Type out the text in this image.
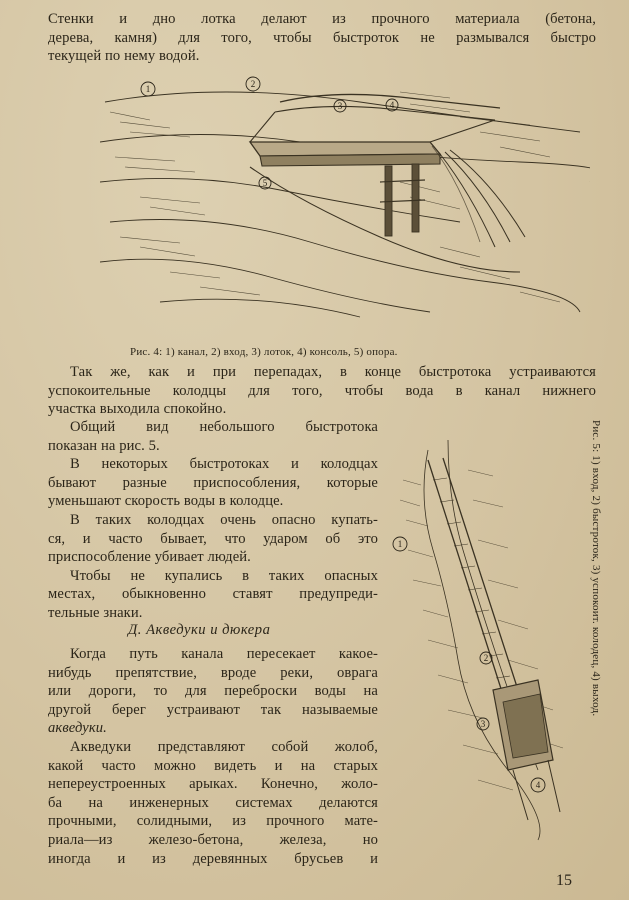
Стенки и дно лотка делают из прочного материала (бетона,
дерева, камня) для того, чтобы быстроток не размывался быстро
текущей по нему водой.
1	2
3	4
5
Рис. 4: 1) канал, 2) вход, 3) лоток, 4) консоль, 5) опора.
Так же, как и при перепадах, в конце быстротока устраиваются
успокоительные колодцы для того, чтобы вода в канал нижнего
участка выходила спокойно.
Общий вид небольшого быстротока
показан на рис. 5.
В некоторых быстротоках и колодцах
бывают разные приспособления, которые
уменьшают скорость воды в колодце.
В таких колодцах очень опасно купать-
ся, и часто бывает, что ударом об это
приспособление убивает людей.
Чтобы не купались в таких опасных
местах, обыкновенно ставят предупреди-
тельные знаки.
Д. Акведуки и дюкера
Когда путь канала пересекает какое-
нибудь препятствие, вроде реки, оврага
или дороги, то для переброски воды на
другой берег устраивают так называемые
акведуки.
Акведуки представляют собой жолоб,
какой часто можно видеть и на старых
непереустроенных арыках. Конечно, жоло-
ба на инженерных системах делаются
прочными, солидными, из прочного мате-
риала—из железо-бетона, железа, но
иногда и из деревянных брусьев и
1
2
3
4
Рис. 5: 1) вход, 2) быстроток, 3) успокоит. колодец, 4) выход.
15
